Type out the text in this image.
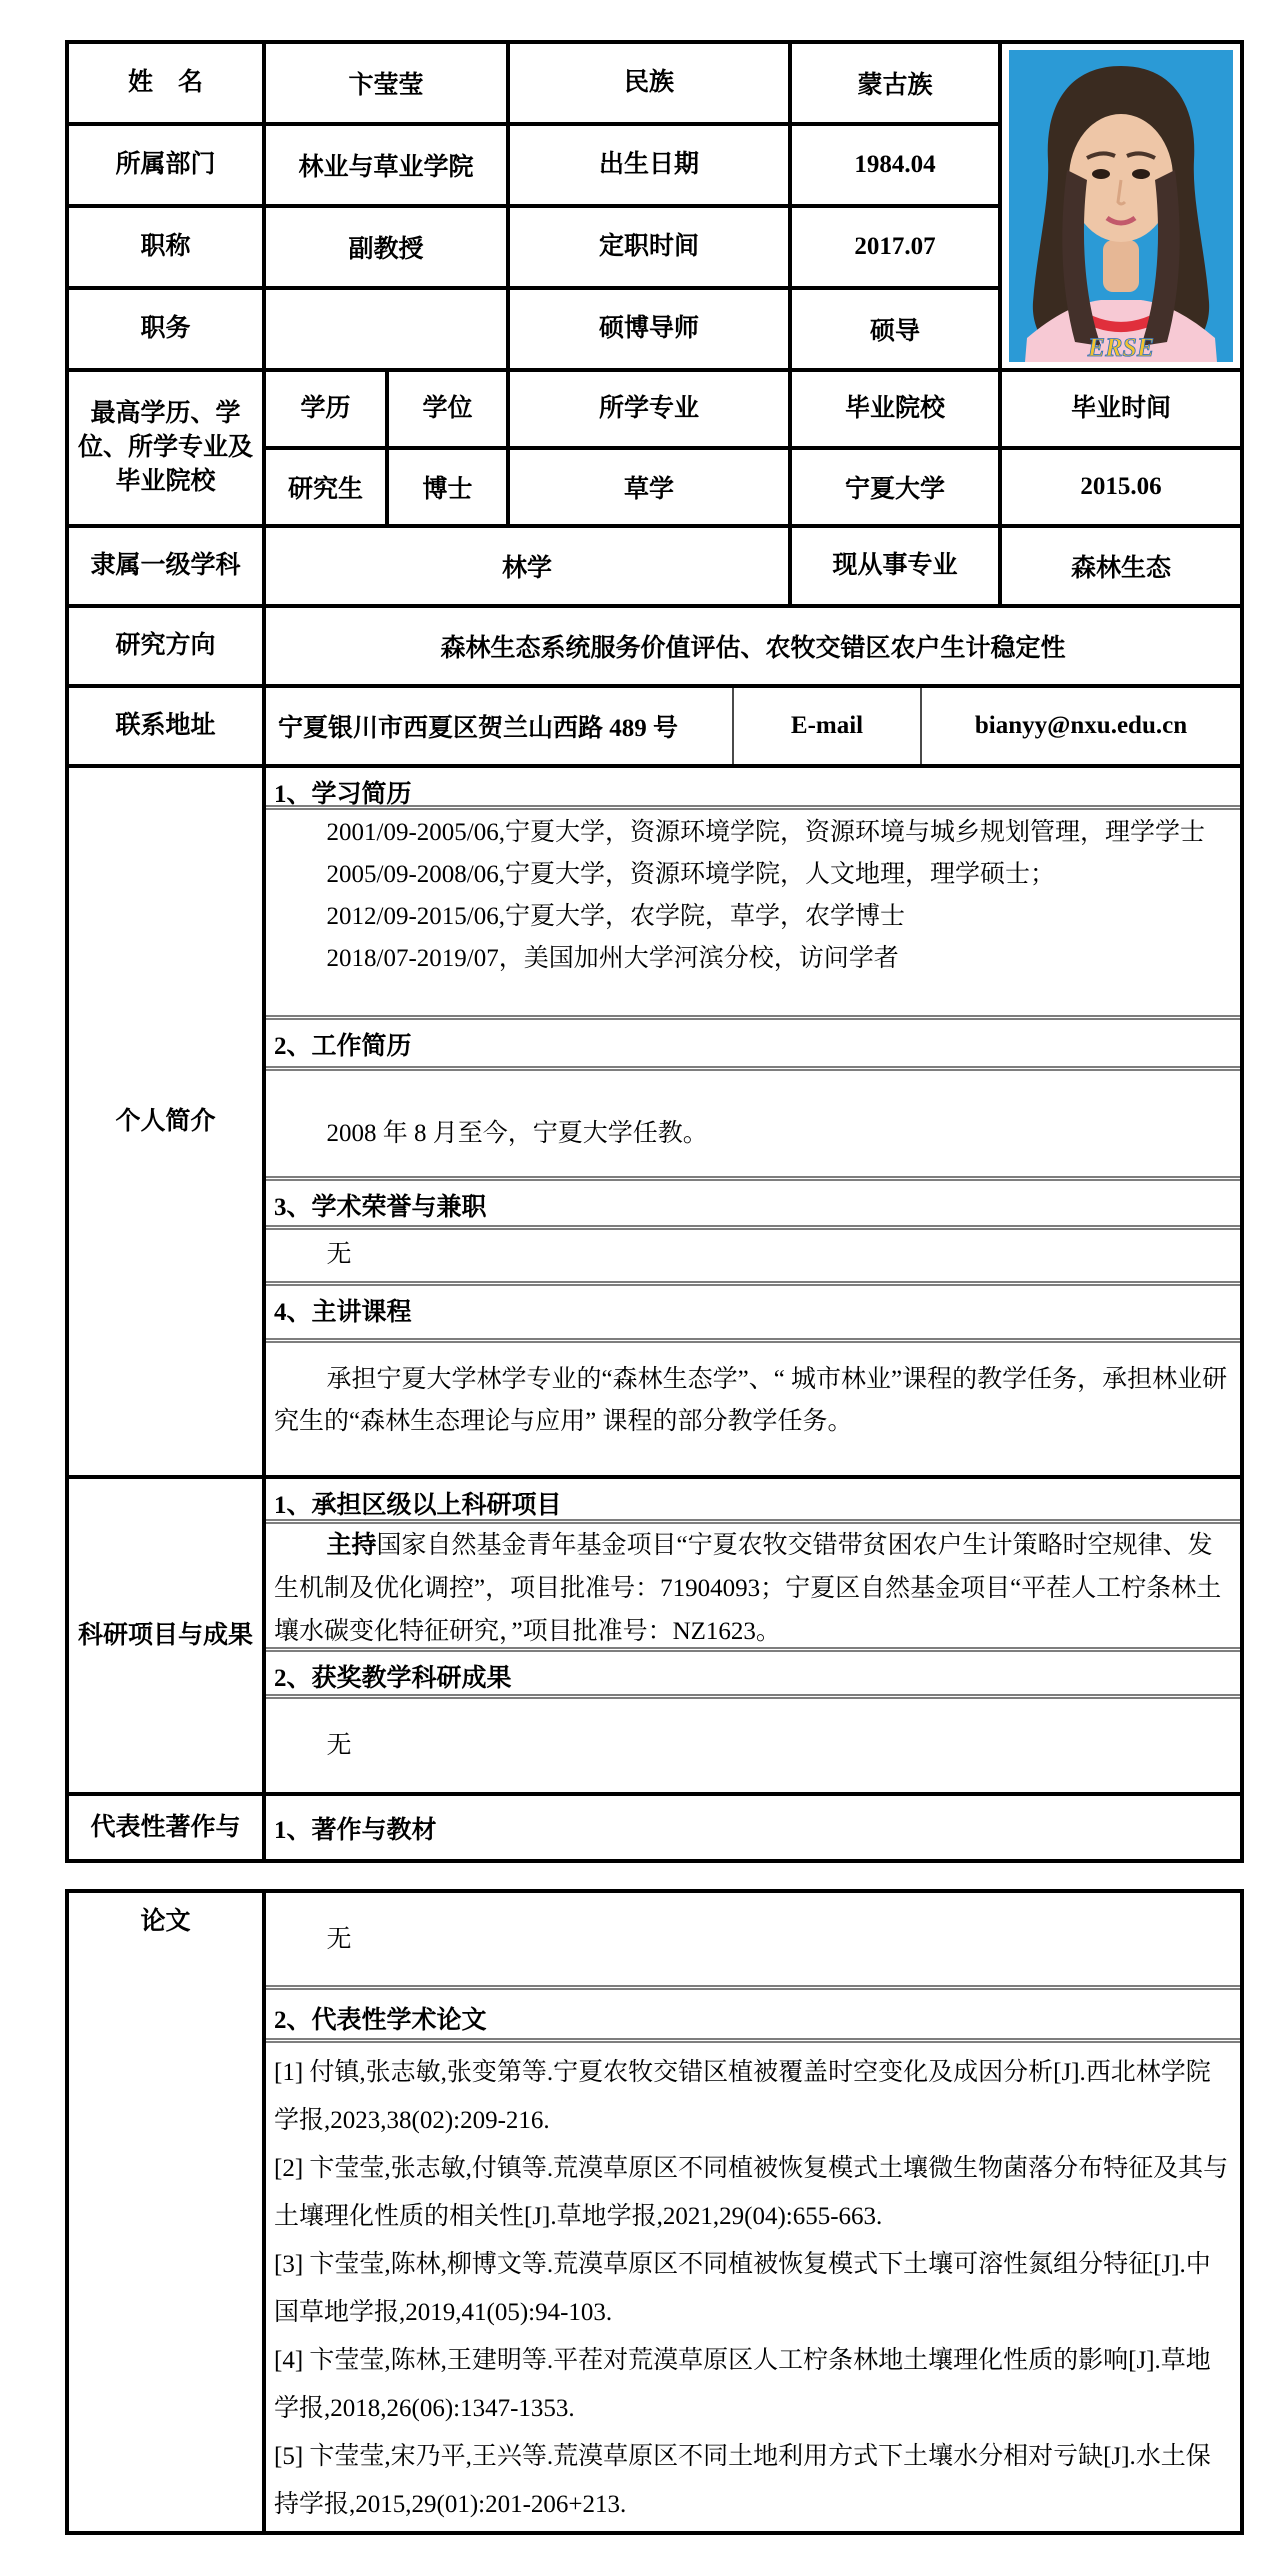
姓　名	卞莹莹		民族	蒙古族	ERSE

所属部门	林业与草业学院		出生日期	1984.04	
职称	副教授		定职时间	2017.07	
职务			硕博导师	硕导	
最高学历、学位、所学专业及毕业院校	学历	学位	所学专业	毕业院校	毕业时间
	研究生	博士	草学	宁夏大学	2015.06
隶属一级学科	林学			现从事专业	森林生态
研究方向	森林生态系统服务价值评估、农牧交错区农户生计稳定性				
联系地址	宁夏银川市西夏区贺兰山西路 489 号 E-mail bianyy@nxu.edu.cn				

个人简介	
1、学习简历

2001/09-2005/06,宁夏大学，资源环境学院，资源环境与城乡规划管理，理学学士

2005/09-2008/06,宁夏大学，资源环境学院，人文地理，理学硕士；

2012/09-2015/06,宁夏大学，农学院，草学，农学博士

2018/07-2019/07，美国加州大学河滨分校，访问学者

2、工作简历

2008 年 8 月至今，宁夏大学任教。

3、学术荣誉与兼职

无

4、主讲课程

承担宁夏大学林学专业的“森林生态学”、“ 城市林业”课程的教学任务，承担林业研究生的“森林生态理论与应用” 课程的部分教学任务。

科研项目与成果	1、承担区级以上科研项目

主持国家自然基金青年基金项目“宁夏农牧交错带贫困农户生计策略时空规律、发生机制及优化调控”，项目批准号：71904093；宁夏区自然基金项目“平茬人工柠条林土壤水碳变化特征研究，”项目批准号：NZ1623。

2、获奖教学科研成果

无				

代表性著作与	1、著作与教材				
论文	

无

2、代表性学术论文

[1] 付镇,张志敏,张变第等.宁夏农牧交错区植被覆盖时空变化及成因分析[J].西北林学院学报,2023,38(02):209-216.

[2] 卞莹莹,张志敏,付镇等.荒漠草原区不同植被恢复模式土壤微生物菌落分布特征及其与土壤理化性质的相关性[J].草地学报,2021,29(04):655-663.

[3] 卞莹莹,陈林,柳博文等.荒漠草原区不同植被恢复模式下土壤可溶性氮组分特征[J].中国草地学报,2019,41(05):94-103.

[4] 卞莹莹,陈林,王建明等.平茬对荒漠草原区人工柠条林地土壤理化性质的影响[J].草地学报,2018,26(06):1347-1353.

[5] 卞莹莹,宋乃平,王兴等.荒漠草原区不同土地利用方式下土壤水分相对亏缺[J].水土保持学报,2015,29(01):201-206+213.
